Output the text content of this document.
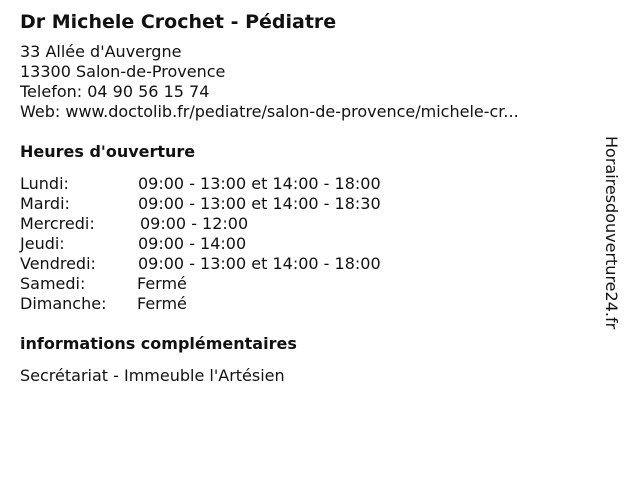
Dr Michele Crochet - Pédiatre
33 Allée d'Auvergne
13300 Salon-de-Provence
Telefon: 04 90 56 15 74
Web: www.doctolib.fr/pediatre/salon-de-provence/michele-cr...
Heures d'ouverture
Lundi:	09:00 - 13:00 et 14:00 - 18:00
Mardi:	09:00 - 13:00 et 14:00 - 18:30
Mercredi:	09:00 - 12:00
Jeudi:	09:00 - 14:00
Vendredi:	09:00 - 13:00 et 14:00 - 18:00
Samedi:	Fermé
Dimanche:	Fermé
informations complémentaires
Secrétariat - Immeuble l'Artésien
Horairesdouverture24.fr
